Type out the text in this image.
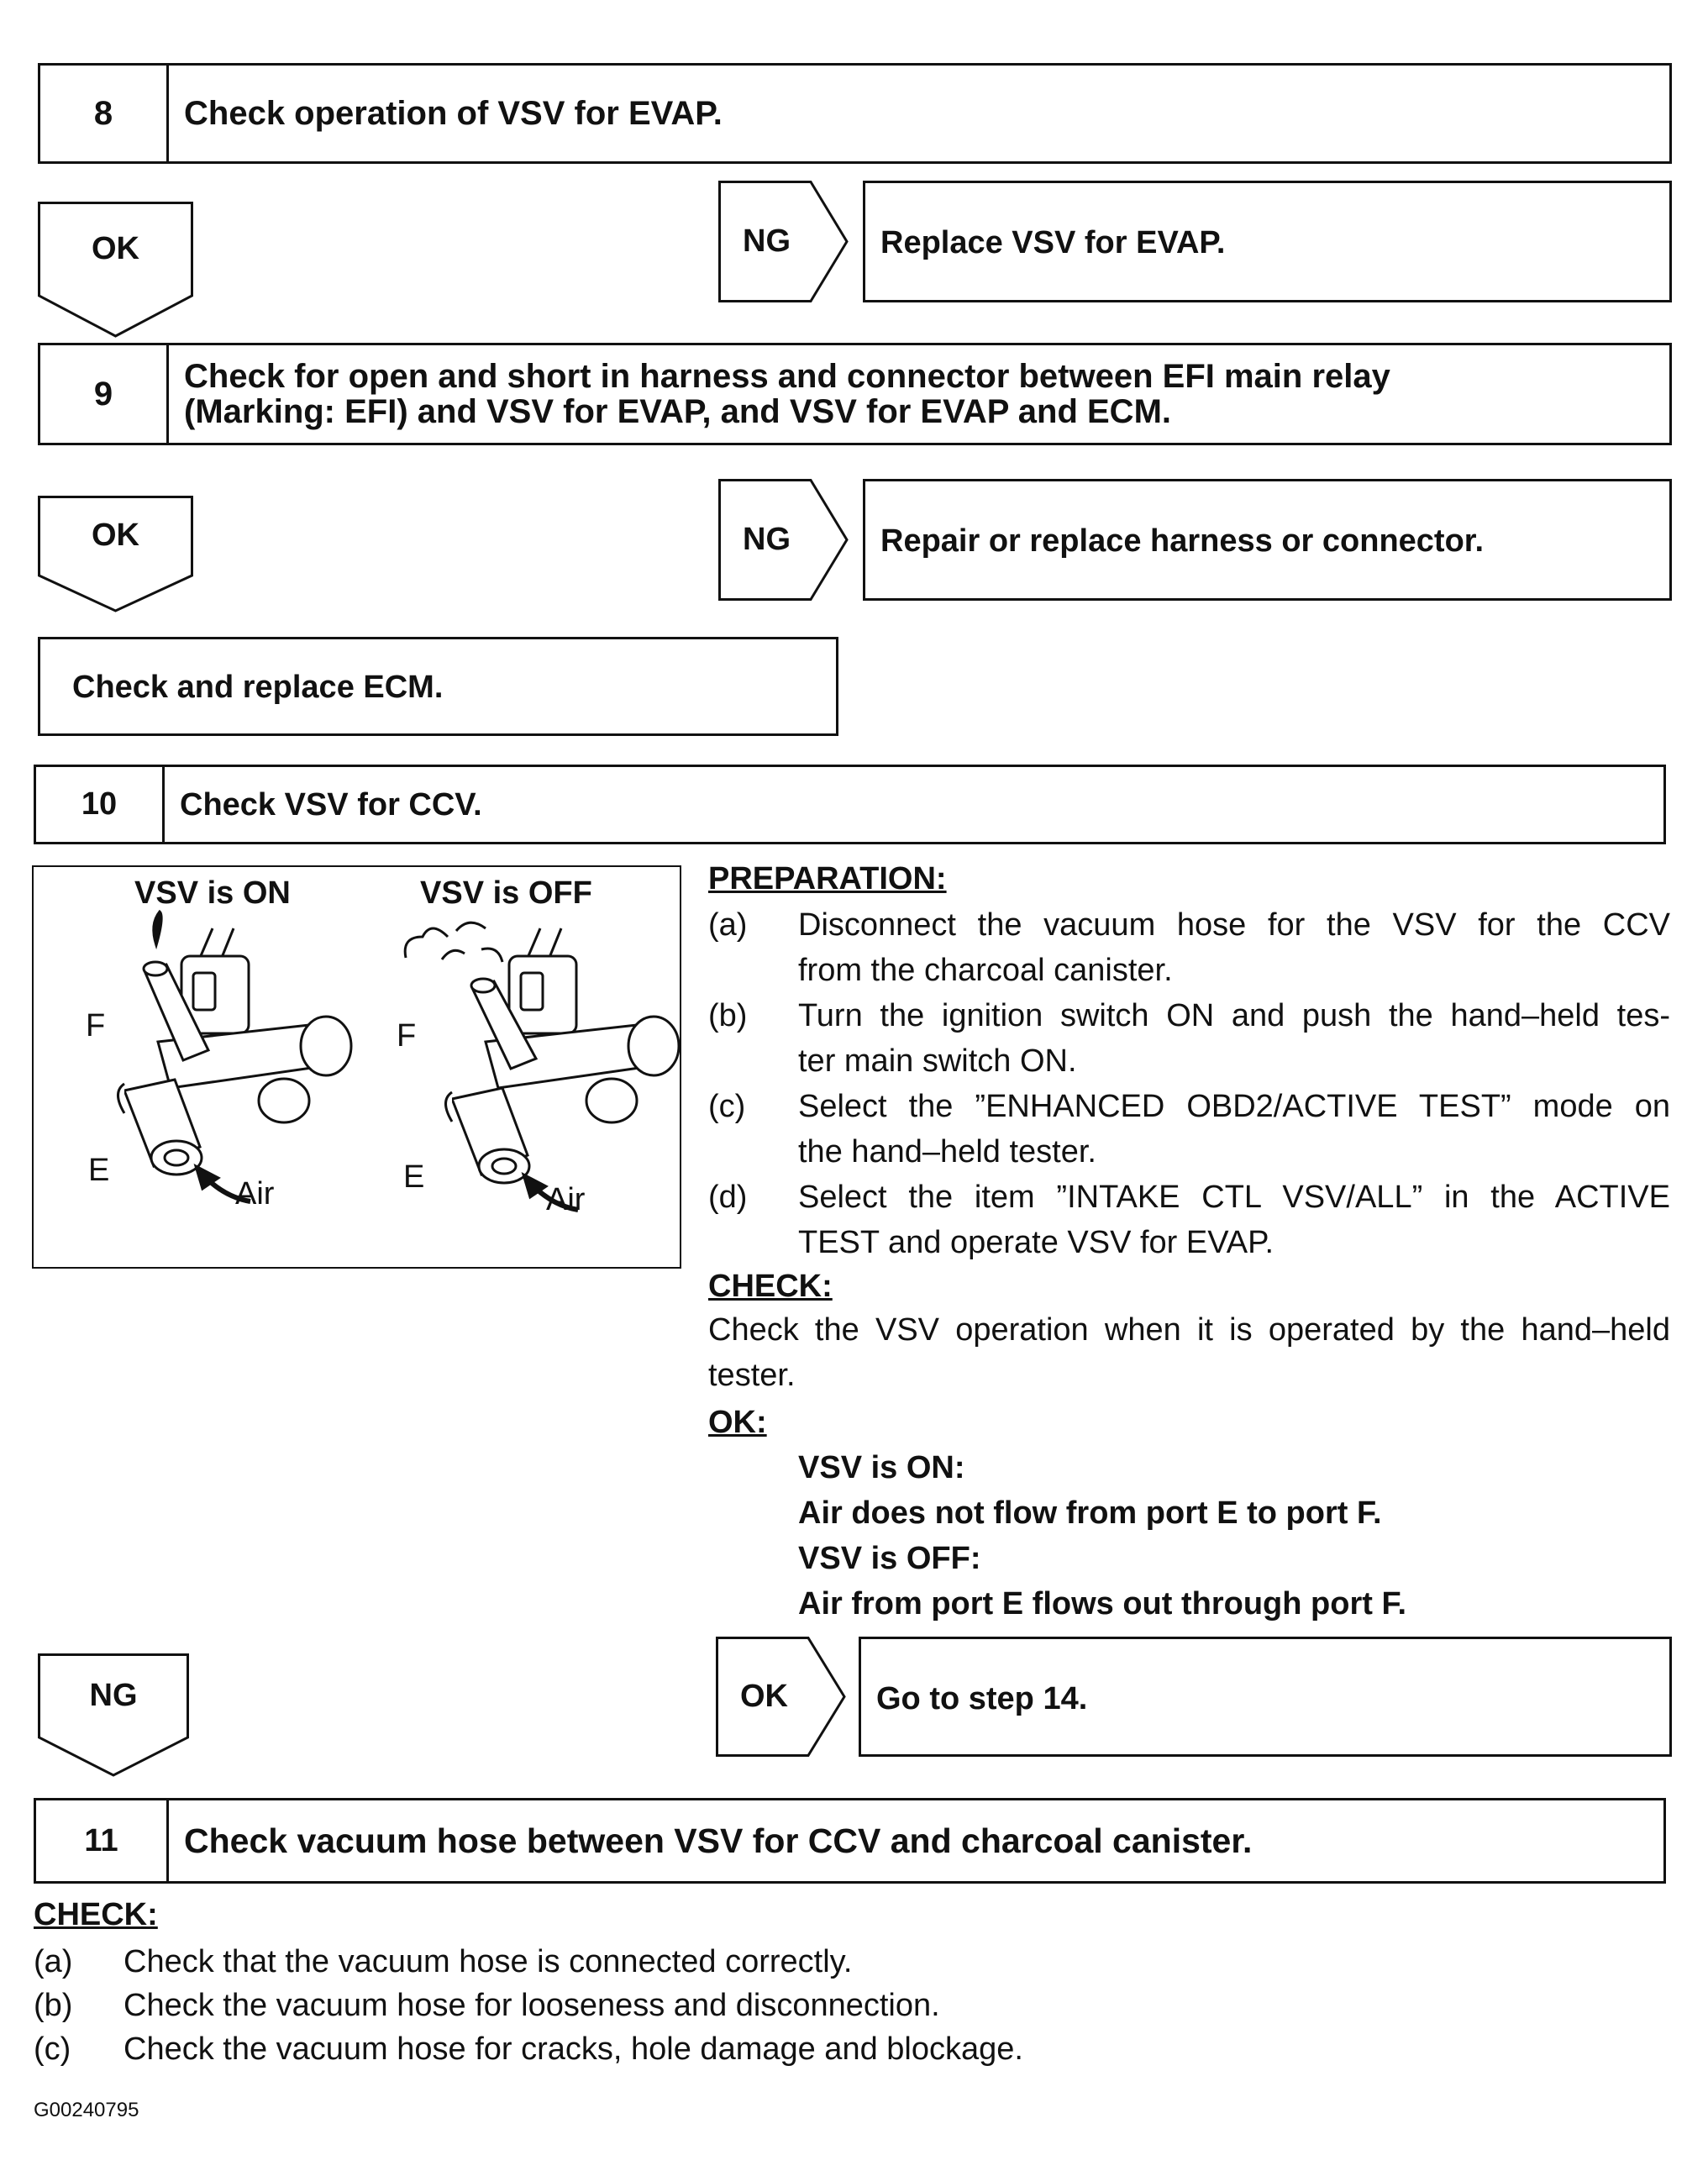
8	Check operation of VSV for EVAP.
OK	NG	Replace VSV for EVAP.
9	Check for open and short in harness and connector between EFI main relay
(Marking: EFI) and VSV for EVAP, and VSV for EVAP and ECM.
OK	NG	Repair or replace harness or connector.
Check and replace ECM.
10	Check VSV for CCV.
VSV is ON	VSV is OFF
F
E
Air
F
E
Air
PREPARATION:
(a) Disconnect the vacuum hose for the VSV for the CCV
from the charcoal canister.
(b) Turn the ignition switch ON and push the hand–held tes-
ter main switch ON.
(c) Select the ”ENHANCED OBD2/ACTIVE TEST” mode on
the hand–held tester.
(d) Select the item ”INTAKE CTL VSV/ALL” in the ACTIVE
TEST and operate VSV for EVAP.
CHECK:
Check the VSV operation when it is operated by the hand–held
tester.
OK:
VSV is ON:
Air does not flow from port E to port F.
VSV is OFF:
Air from port E flows out through port F.
NG	OK	Go to step 14.
11	Check vacuum hose between VSV for CCV and charcoal canister.
CHECK:
(a) Check that the vacuum hose is connected correctly.
(b) Check the vacuum hose for looseness and disconnection.
(c) Check the vacuum hose for cracks, hole damage and blockage.
G00240795
